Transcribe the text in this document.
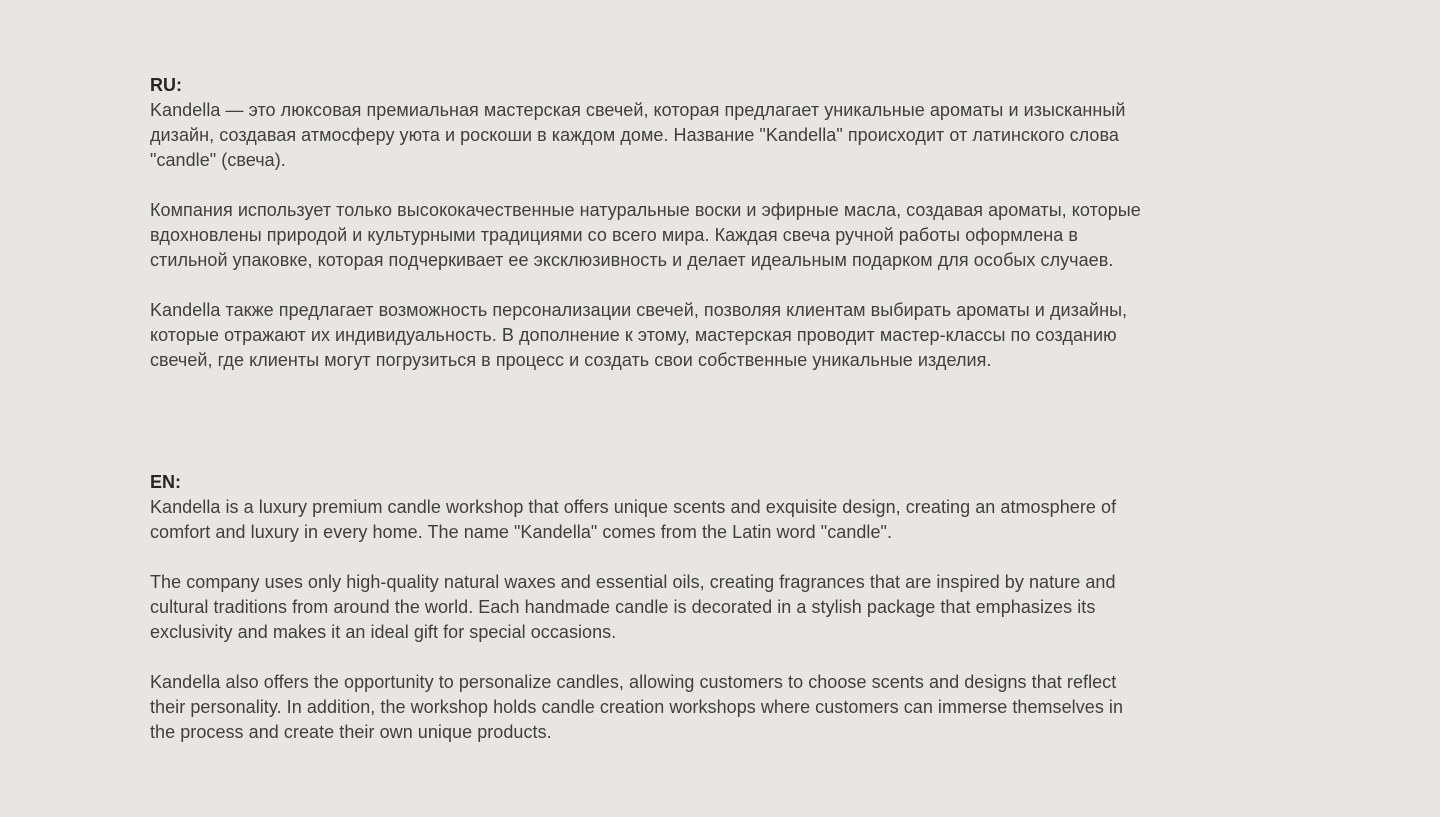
RU:

Kandella — это люксовая премиальная мастерская свечей, которая предлагает уникальные ароматы и изысканный дизайн, создавая атмосферу уюта и роскоши в каждом доме. Название "Kandella" происходит от латинского слова "candle" (свеча).

Компания использует только высококачественные натуральные воски и эфирные масла, создавая ароматы, которые вдохновлены природой и культурными традициями со всего мира. Каждая свеча ручной работы оформлена в стильной упаковке, которая подчеркивает ее эксклюзивность и делает идеальным подарком для особых случаев.

Kandella также предлагает возможность персонализации свечей, позволяя клиентам выбирать ароматы и дизайны, которые отражают их индивидуальность. В дополнение к этому, мастерская проводит мастер-классы по созданию свечей, где клиенты могут погрузиться в процесс и создать свои собственные уникальные изделия.

EN:

Kandella is a luxury premium candle workshop that offers unique scents and exquisite design, creating an atmosphere of comfort and luxury in every home. The name "Kandella" comes from the Latin word "candle".

The company uses only high-quality natural waxes and essential oils, creating fragrances that are inspired by nature and cultural traditions from around the world. Each handmade candle is decorated in a stylish package that emphasizes its exclusivity and makes it an ideal gift for special occasions.

Kandella also offers the opportunity to personalize candles, allowing customers to choose scents and designs that reflect their personality. In addition, the workshop holds candle creation workshops where customers can immerse themselves in the process and create their own unique products.
